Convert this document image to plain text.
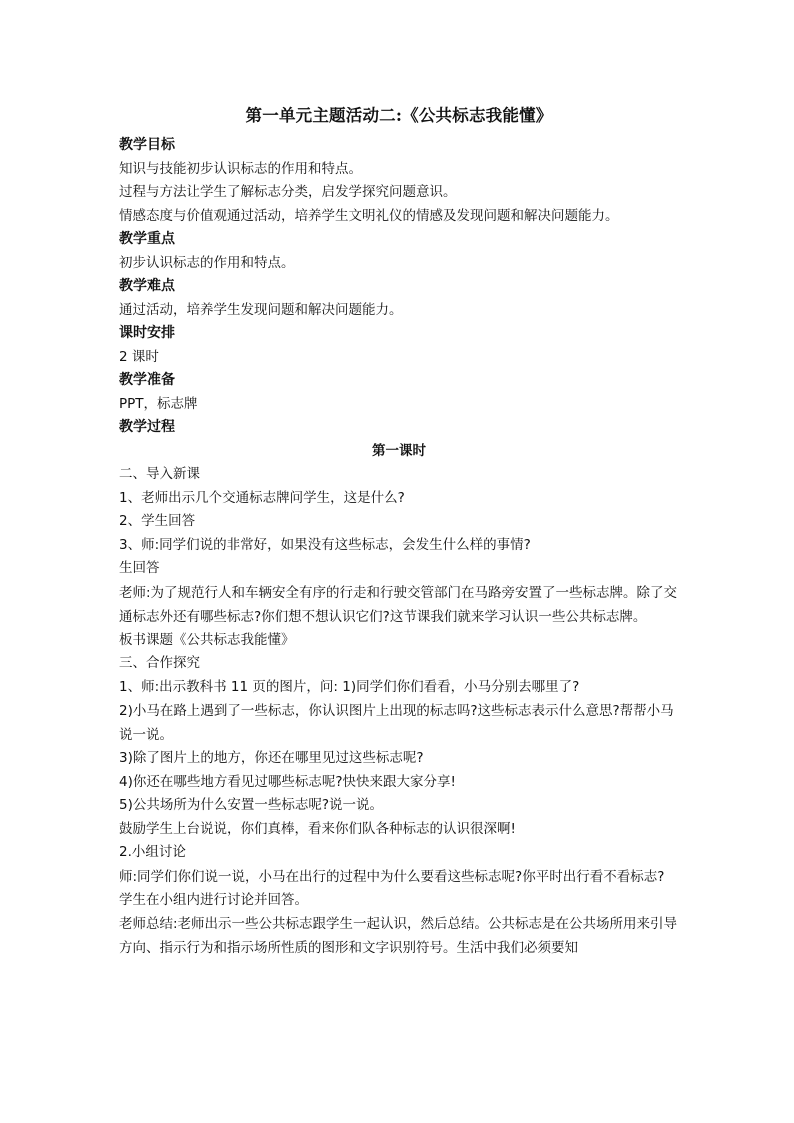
第一单元主题活动二:《公共标志我能懂》
教学目标
知识与技能初步认识标志的作用和特点。
过程与方法让学生了解标志分类，启发学探究问题意识。
情感态度与价值观通过活动，培养学生文明礼仪的情感及发现问题和解决问题能力。
教学重点
初步认识标志的作用和特点。
教学难点
通过活动，培养学生发现问题和解决问题能力。
课时安排
2 课时
教学准备
PPT，标志牌
教学过程
第一课时
二、导入新课
1、老师出示几个交通标志牌问学生，这是什么?
2、学生回答
3、师:同学们说的非常好，如果没有这些标志，会发生什么样的事情?
生回答
老师:为了规范行人和车辆安全有序的行走和行驶交管部门在马路旁安置了一些标志牌。除了交通标志外还有哪些标志?你们想不想认识它们?这节课我们就来学习认识一些公共标志牌。
板书课题《公共标志我能懂》
三、合作探究
1、师:出示教科书 11 页的图片，问: 1)同学们你们看看，小马分别去哪里了?
2)小马在路上遇到了一些标志，你认识图片上出现的标志吗?这些标志表示什么意思?帮帮小马说一说。
3)除了图片上的地方，你还在哪里见过这些标志呢?
4)你还在哪些地方看见过哪些标志呢?快快来跟大家分享!
5)公共场所为什么安置一些标志呢?说一说。
鼓励学生上台说说，你们真棒，看来你们队各种标志的认识很深啊!
2.小组讨论
师:同学们你们说一说，小马在出行的过程中为什么要看这些标志呢?你平时出行看不看标志?
学生在小组内进行讨论并回答。
老师总结:老师出示一些公共标志跟学生一起认识，然后总结。公共标志是在公共场所用来引导方向、指示行为和指示场所性质的图形和文字识别符号。生活中我们必须要知
